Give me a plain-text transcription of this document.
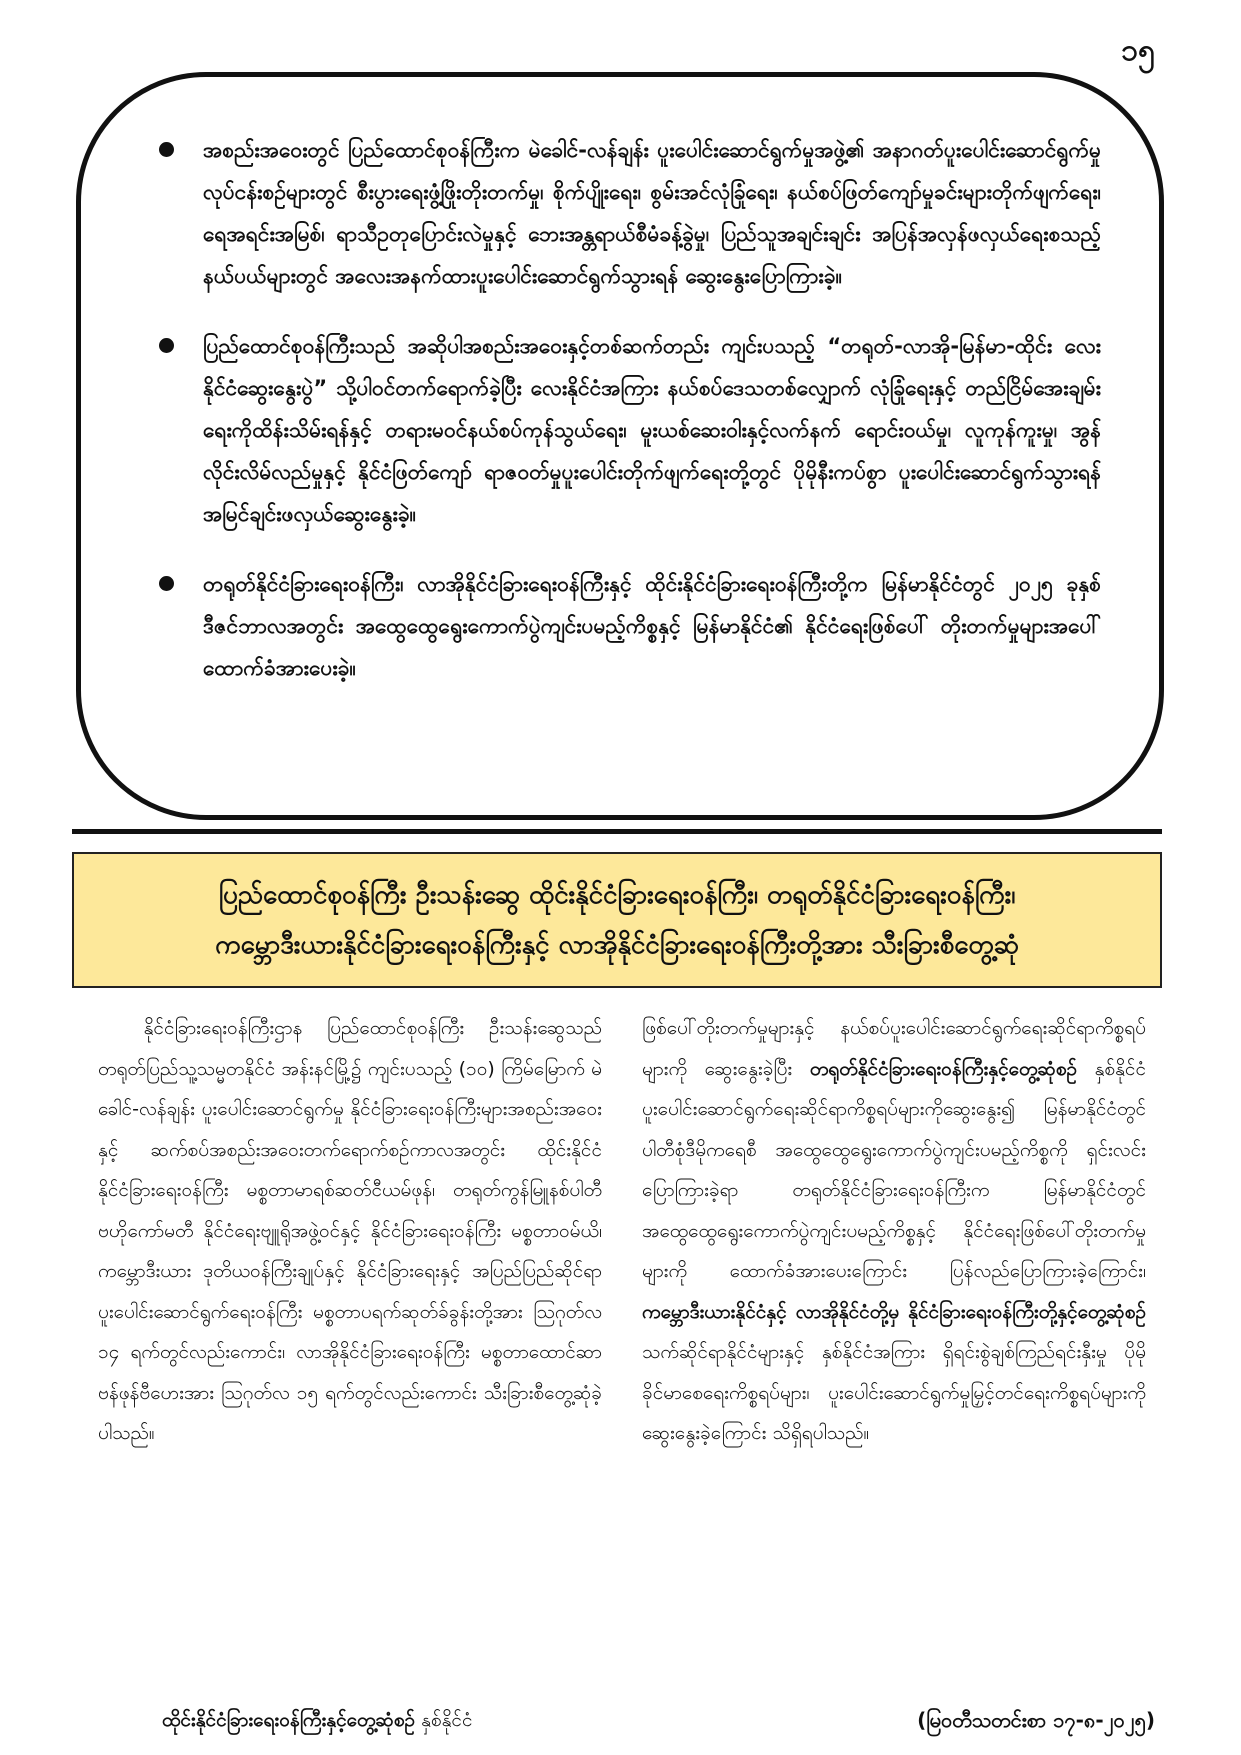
၁၅
အစည်းအဝေးတွင် ပြည်ထောင်စုဝန်ကြီးက မဲခေါင်-လန်ချန်း ပူးပေါင်းဆောင်ရွက်မှုအဖွဲ့၏ အနာဂတ်ပူးပေါင်းဆောင်ရွက်မှုလုပ်ငန်းစဉ်များတွင် စီးပွားရေးဖွံ့ဖြိုးတိုးတက်မှု၊ စိုက်ပျိုးရေး၊ စွမ်းအင်လုံခြုံရေး၊ နယ်စပ်ဖြတ်ကျော်မှုခင်းများတိုက်ဖျက်ရေး၊ ရေအရင်းအမြစ်၊ ရာသီဥတုပြောင်းလဲမှုနှင့် ဘေးအန္တရာယ်စီမံခန့်ခွဲမှု၊ ပြည်သူအချင်းချင်း အပြန်အလှန်ဖလှယ်ရေးစသည့်နယ်ပယ်များတွင် အလေးအနက်ထားပူးပေါင်းဆောင်ရွက်သွားရန် ဆွေးနွေးပြောကြားခဲ့။
ပြည်ထောင်စုဝန်ကြီးသည် အဆိုပါအစည်းအဝေးနှင့်တစ်ဆက်တည်း ကျင်းပသည့် “တရုတ်-လာအို-မြန်မာ-ထိုင်း လေးနိုင်ငံဆွေးနွေးပွဲ” သို့ပါဝင်တက်ရောက်ခဲ့ပြီး လေးနိုင်ငံအကြား နယ်စပ်ဒေသတစ်လျှောက် လုံခြုံရေးနှင့် တည်ငြိမ်အေးချမ်းရေးကိုထိန်းသိမ်းရန်နှင့် တရားမဝင်နယ်စပ်ကုန်သွယ်ရေး၊ မူးယစ်ဆေးဝါးနှင့်လက်နက် ရောင်းဝယ်မှု၊ လူကုန်ကူးမှု၊ အွန်လိုင်းလိမ်လည်မှုနှင့် နိုင်ငံဖြတ်ကျော် ရာဇဝတ်မှုပူးပေါင်းတိုက်ဖျက်ရေးတို့တွင် ပိုမိုနီးကပ်စွာ ပူးပေါင်းဆောင်ရွက်သွားရန် အမြင်ချင်းဖလှယ်ဆွေးနွေးခဲ့။
တရုတ်နိုင်ငံခြားရေးဝန်ကြီး၊ လာအိုနိုင်ငံခြားရေးဝန်ကြီးနှင့် ထိုင်းနိုင်ငံခြားရေးဝန်ကြီးတို့က မြန်မာနိုင်ငံတွင် ၂၀၂၅ ခုနှစ် ဒီဇင်ဘာလအတွင်း အထွေထွေရွေးကောက်ပွဲကျင်းပမည့်ကိစ္စနှင့် မြန်မာနိုင်ငံ၏ နိုင်ငံရေးဖြစ်ပေါ် တိုးတက်မှုများအပေါ် ထောက်ခံအားပေးခဲ့။
ပြည်ထောင်စုဝန်ကြီး ဦးသန်းဆွေ ထိုင်းနိုင်ငံခြားရေးဝန်ကြီး၊ တရုတ်နိုင်ငံခြားရေးဝန်ကြီး၊
ကမ္ဘောဒီးယားနိုင်ငံခြားရေးဝန်ကြီးနှင့် လာအိုနိုင်ငံခြားရေးဝန်ကြီးတို့အား သီးခြားစီတွေ့ဆုံ

နိုင်ငံခြားရေးဝန်ကြီးဌာန ပြည်ထောင်စုဝန်ကြီး ဦးသန်းဆွေသည် တရုတ်ပြည်သူ့သမ္မတနိုင်ငံ အန်းနင်မြို့၌ ကျင်းပသည့် (၁၀) ကြိမ်မြောက် မဲခေါင်-လန်ချန်း ပူးပေါင်းဆောင်ရွက်မှု နိုင်ငံခြားရေးဝန်ကြီးများအစည်းအဝေးနှင့် ဆက်စပ်အစည်းအဝေးတက်ရောက်စဉ်ကာလအတွင်း ထိုင်းနိုင်ငံ နိုင်ငံခြားရေးဝန်ကြီး မစ္စတာမာရစ်ဆတ်ငီယမ်ဖုန်၊ တရုတ်ကွန်မြူနစ်ပါတီဗဟိုကော်မတီ နိုင်ငံရေးဗျူရိုအဖွဲ့ဝင်နှင့် နိုင်ငံခြားရေးဝန်ကြီး မစ္စတာဝမ်ယိ၊ ကမ္ဘောဒီးယား ဒုတိယဝန်ကြီးချုပ်နှင့် နိုင်ငံခြားရေးနှင့် အပြည်ပြည်ဆိုင်ရာ ပူးပေါင်းဆောင်ရွက်ရေးဝန်ကြီး မစ္စတာပရက်ဆုတ်ခ်ခွန်းတို့အား ဩဂုတ်လ ၁၄ ရက်တွင်လည်းကောင်း၊ လာအိုနိုင်ငံခြားရေးဝန်ကြီး မစ္စတာထောင်ဆာဗန်ဖုန်ဗီဟေးအား ဩဂုတ်လ ၁၅ ရက်တွင်လည်းကောင်း သီးခြားစီတွေ့ဆုံခဲ့ပါသည်။

ဖြစ်ပေါ်တိုးတက်မှုများနှင့် နယ်စပ်ပူးပေါင်းဆောင်ရွက်ရေးဆိုင်ရာကိစ္စရပ်များကို ဆွေးနွေးခဲ့ပြီး တရုတ်နိုင်ငံခြားရေးဝန်ကြီးနှင့်တွေ့ဆုံစဉ် နှစ်နိုင်ငံပူးပေါင်းဆောင်ရွက်ရေးဆိုင်ရာကိစ္စရပ်များကိုဆွေးနွေး၍ မြန်မာနိုင်ငံတွင် ပါတီစုံဒီမိုကရေစီ အထွေထွေရွေးကောက်ပွဲကျင်းပမည့်ကိစ္စကို ရှင်းလင်းပြောကြားခဲ့ရာ တရုတ်နိုင်ငံခြားရေးဝန်ကြီးက မြန်မာနိုင်ငံတွင် အထွေထွေရွေးကောက်ပွဲကျင်းပမည့်ကိစ္စနှင့် နိုင်ငံရေးဖြစ်ပေါ်တိုးတက်မှုများကို ထောက်ခံအားပေးကြောင်း ပြန်လည်ပြောကြားခဲ့ကြောင်း၊ ကမ္ဘောဒီးယားနိုင်ငံနှင့် လာအိုနိုင်ငံတို့မှ နိုင်ငံခြားရေးဝန်ကြီးတို့နှင့်တွေ့ဆုံစဉ် သက်ဆိုင်ရာနိုင်ငံများနှင့် နှစ်နိုင်ငံအကြား ရှိရင်းစွဲချစ်ကြည်ရင်းနှီးမှု ပိုမိုခိုင်မာစေရေးကိစ္စရပ်များ၊ ပူးပေါင်းဆောင်ရွက်မှုမြှင့်တင်ရေးကိစ္စရပ်များကို ဆွေးနွေးခဲ့ကြောင်း သိရှိရပါသည်။

ထိုင်းနိုင်ငံခြားရေးဝန်ကြီးနှင့်တွေ့ဆုံစဉ် နှစ်နိုင်ငံ	(မြဝတီသတင်းစာ ၁၇-၈-၂၀၂၅)
